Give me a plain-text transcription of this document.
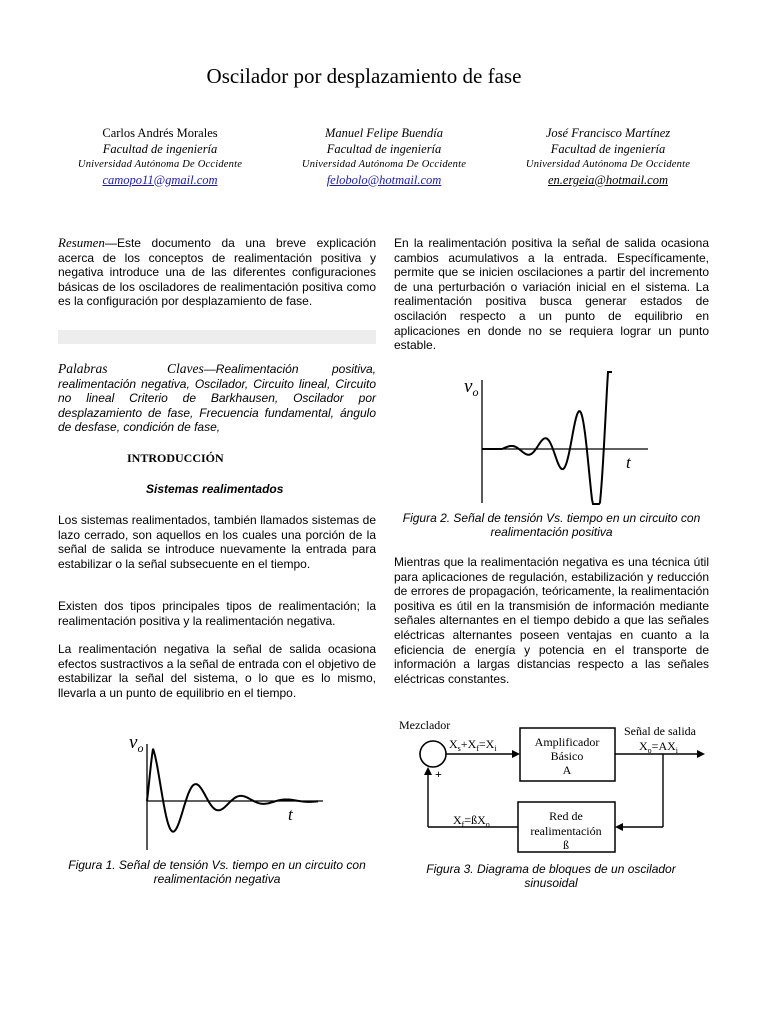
Oscilador por desplazamiento de fase
Carlos Andrés Morales
Facultad de ingeniería
Universidad Autónoma De Occidente
camopo11@gmail.com
Manuel Felipe Buendía
Facultad de ingeniería
Universidad Autónoma De Occidente
felobolo@hotmail.com
José Francisco Martínez
Facultad de ingeniería
Universidad Autónoma De Occidente
en.ergeia@hotmail.com
Resumen—Este documento da una breve explicación acerca de los conceptos de realimentación positiva y negativa introduce una de las diferentes configuraciones básicas de los osciladores de realimentación positiva como es la configuración por desplazamiento de fase.
Palabras Claves—Realimentación positiva, realimentación negativa, Oscilador, Circuito lineal, Circuito no lineal Criterio de Barkhausen, Oscilador por desplazamiento de fase, Frecuencia fundamental, ángulo de desfase, condición de fase,
INTRODUCCIÓN
Sistemas realimentados
Los sistemas realimentados, también llamados sistemas de lazo cerrado, son aquellos en los cuales una porción de la señal de salida se introduce nuevamente la entrada para estabilizar o la señal subsecuente en el tiempo.
Existen dos tipos principales tipos de realimentación; la realimentación positiva y la realimentación negativa.
La realimentación negativa la señal de salida ocasiona efectos sustractivos a la señal de entrada con el objetivo de estabilizar la señal del sistema, o lo que es lo mismo, llevarla a un punto de equilibrio en el tiempo.
En la realimentación positiva la señal de salida ocasiona cambios acumulativos a la entrada. Específicamente, permite que se inicien oscilaciones a partir del incremento de una perturbación o variación inicial en el sistema. La realimentación positiva busca generar estados de oscilación respecto a un punto de equilibrio en aplicaciones en donde no se requiera lograr un punto estable.
Mientras que la realimentación negativa es una técnica útil para aplicaciones de regulación, estabilización y reducción de errores de propagación, teóricamente, la realimentación positiva es útil en la transmisión de información mediante señales alternantes en el tiempo debido a que las señales eléctricas alternantes poseen ventajas en cuanto a la eficiencia de energía y potencia en el transporte de información a largas distancias respecto a las señales eléctricas constantes.
$v_o$
t
Figura 2. Señal de tensión Vs. tiempo en un circuito con realimentación positiva
$v_o$
t
Figura 1. Señal de tensión Vs. tiempo en un circuito con realimentación negativa
Mezclador
+
$X_s+X_f=X_i$	Amplificador
Básico
A
Señal de salida
$X_o=AX_i$
Red de
realimentación
ß
$X_f=ßX_o$
Figura 3. Diagrama de bloques de un oscilador sinusoidal
